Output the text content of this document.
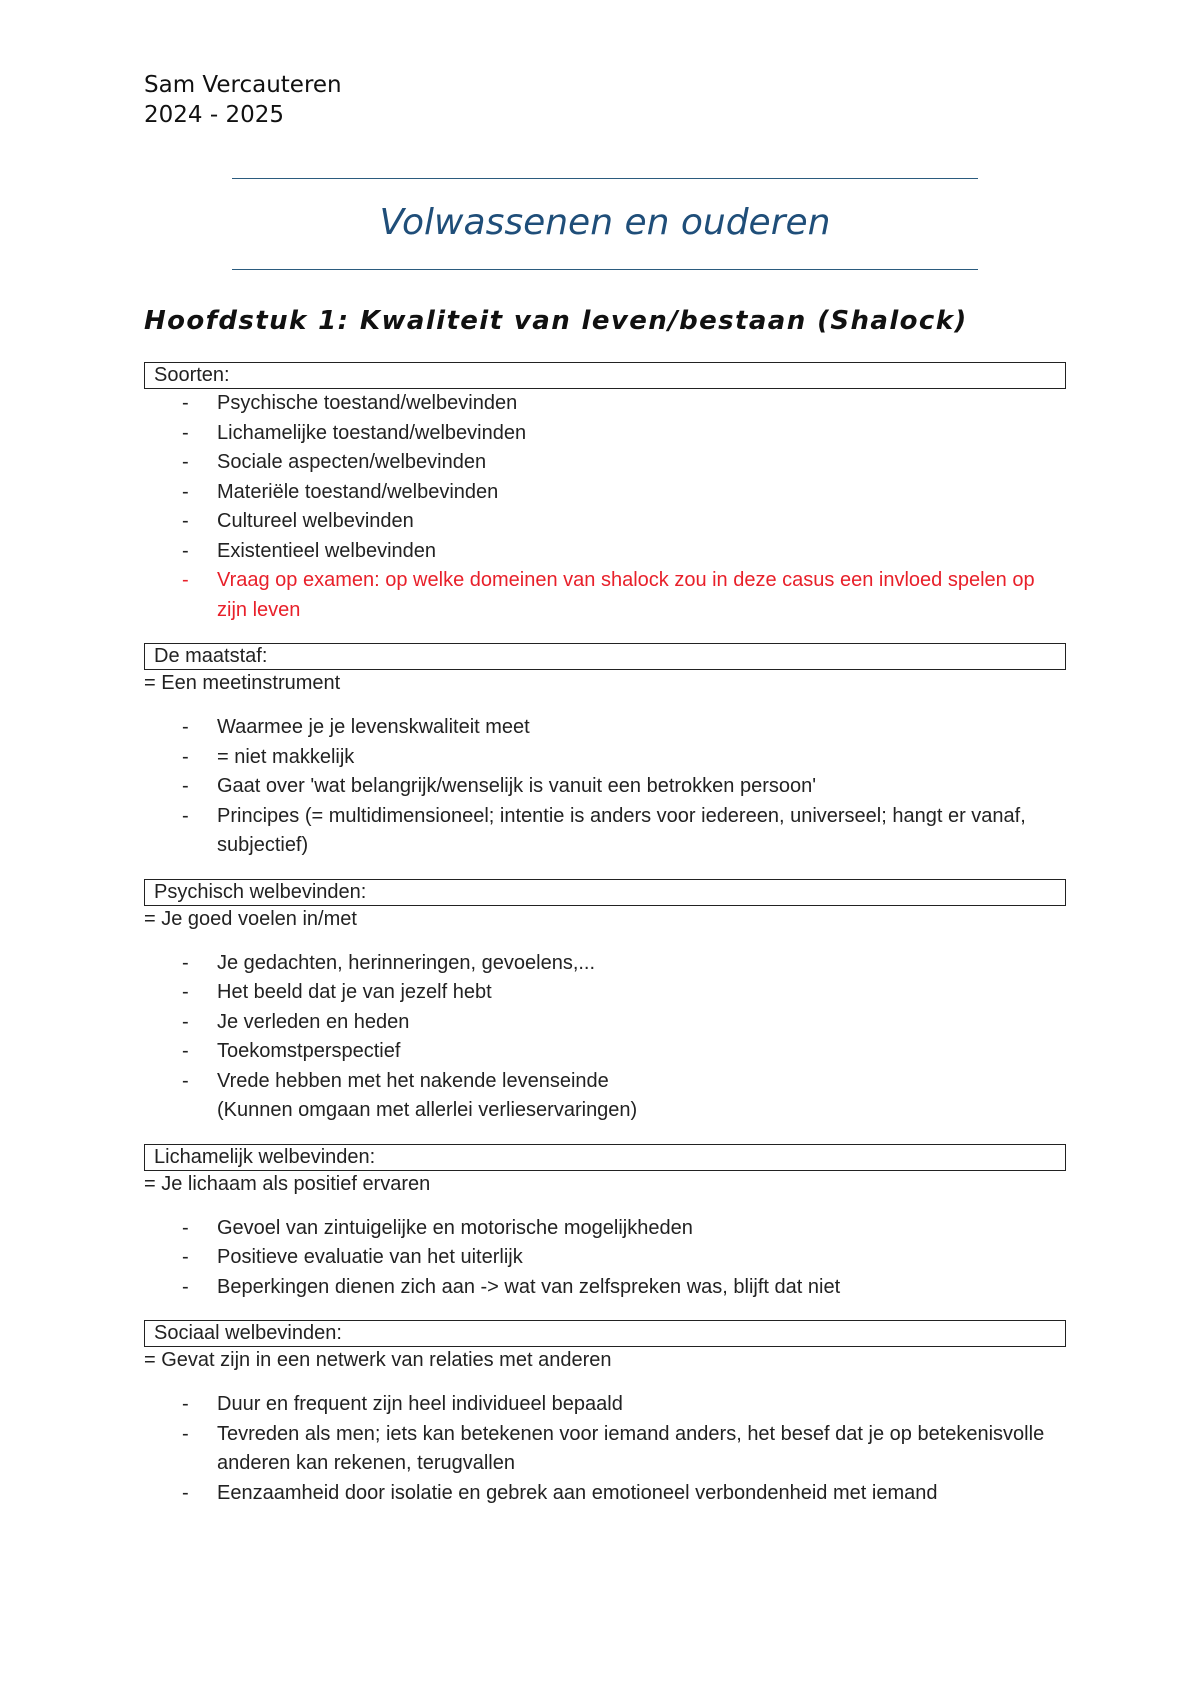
Sam Vercauteren
2024 - 2025
Volwassenen en ouderen
Hoofdstuk 1: Kwaliteit van leven/bestaan (Shalock)
Soorten:
- Psychische toestand/welbevinden
- Lichamelijke toestand/welbevinden
- Sociale aspecten/welbevinden
- Materiële toestand/welbevinden
- Cultureel welbevinden
- Existentieel welbevinden
- Vraag op examen: op welke domeinen van shalock zou in deze casus een invloed spelen op zijn leven
De maatstaf:
= Een meetinstrument
- Waarmee je je levenskwaliteit meet
- = niet makkelijk
- Gaat over 'wat belangrijk/wenselijk is vanuit een betrokken persoon'
- Principes (= multidimensioneel; intentie is anders voor iedereen, universeel; hangt er vanaf, subjectief)
Psychisch welbevinden:
= Je goed voelen in/met
- Je gedachten, herinneringen, gevoelens,...
- Het beeld dat je van jezelf hebt
- Je verleden en heden
- Toekomstperspectief
- Vrede hebben met het nakende levenseinde
(Kunnen omgaan met allerlei verlieservaringen)
Lichamelijk welbevinden:
= Je lichaam als positief ervaren
- Gevoel van zintuigelijke en motorische mogelijkheden
- Positieve evaluatie van het uiterlijk
- Beperkingen dienen zich aan -> wat van zelfspreken was, blijft dat niet
Sociaal welbevinden:
= Gevat zijn in een netwerk van relaties met anderen
- Duur en frequent zijn heel individueel bepaald
- Tevreden als men; iets kan betekenen voor iemand anders, het besef dat je op betekenisvolle anderen kan rekenen, terugvallen
- Eenzaamheid door isolatie en gebrek aan emotioneel verbondenheid met iemand
